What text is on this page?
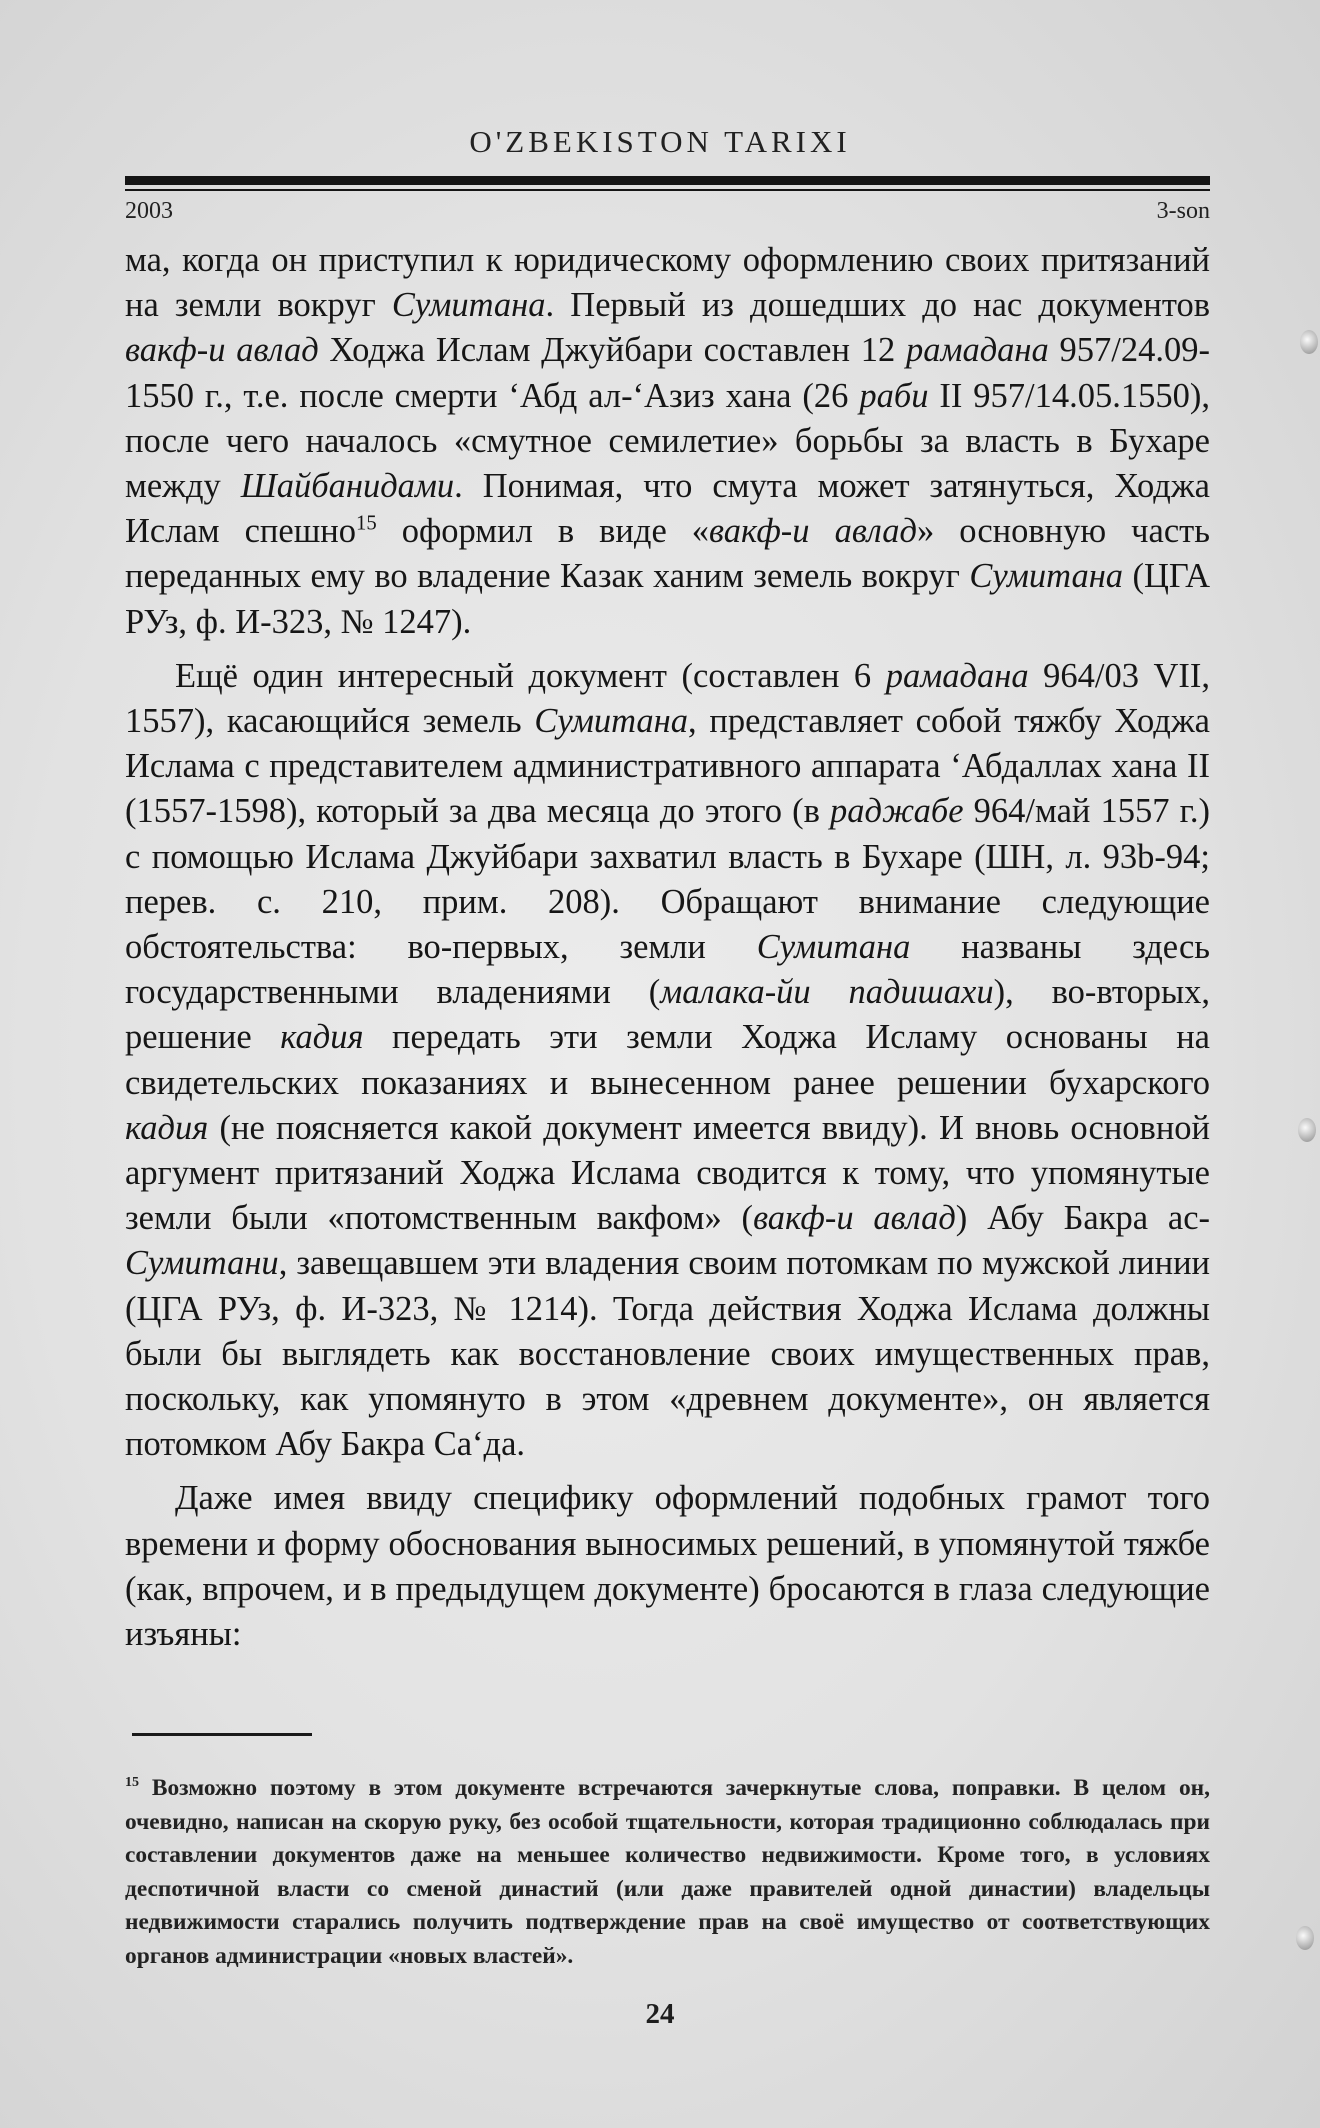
O'ZBEKISTON TARIXI
2003	3-son

ма, когда он приступил к юридическому оформлению своих притязаний на земли вокруг Сумитана. Первый из дошедших до нас документов вакф-и авлад Ходжа Ислам Джуйбари составлен 12 рамадана 957/24.09-1550 г., т.е. после смерти ‘Абд ал-‘Азиз хана (26 раби II 957/14.05.1550), после чего началось «смутное семилетие» борьбы за власть в Бухаре между Шайбанидами. Понимая, что смута может затянуться, Ходжа Ислам спешно$^{15}$ оформил в виде «вакф-и авлад» основную часть переданных ему во владение Казак ханим земель вокруг Сумитана (ЦГА РУз, ф. И-323, № 1247).

Ещё один интересный документ (составлен 6 рамадана 964/03 VII, 1557), касающийся земель Сумитана, представляет собой тяжбу Ходжа Ислама с представителем административного аппарата ‘Абдаллах хана II (1557-1598), который за два месяца до этого (в раджабе 964/май 1557 г.) с помощью Ислама Джуйбари захватил власть в Бухаре (ШН, л. 93b-94; перев. с. 210, прим. 208). Обращают внимание следующие обстоятельства: во-первых, земли Сумитана названы здесь государственными владениями (малака-йи падишахи), во-вторых, решение кадия передать эти земли Ходжа Исламу основаны на свидетельских показаниях и вынесенном ранее решении бухарского кадия (не поясняется какой документ имеется ввиду). И вновь основной аргумент притязаний Ходжа Ислама сводится к тому, что упомянутые земли были «потомственным вакфом» (вакф-и авлад) Абу Бакра ас-Сумитани, завещавшем эти владения своим потомкам по мужской линии (ЦГА РУз, ф. И-323, № 1214). Тогда действия Ходжа Ислама должны были бы выглядеть как восстановление своих имущественных прав, поскольку, как упомянуто в этом «древнем документе», он является потомком Абу Бакра Са‘да.

Даже имея ввиду специфику оформлений подобных грамот того времени и форму обоснования выносимых решений, в упомянутой тяжбе (как, впрочем, и в предыдущем документе) бросаются в глаза следующие изъяны:

$^{15}$ Возможно поэтому в этом документе встречаются зачеркнутые слова, поправки. В целом он, очевидно, написан на скорую руку, без особой тщательности, которая традиционно соблюдалась при составлении документов даже на меньшее количество недвижимости. Кроме того, в условиях деспотичной власти со сменой династий (или даже правителей одной династии) владельцы недвижимости старались получить подтверждение прав на своё имущество от соответствующих органов администрации «новых властей».

24
